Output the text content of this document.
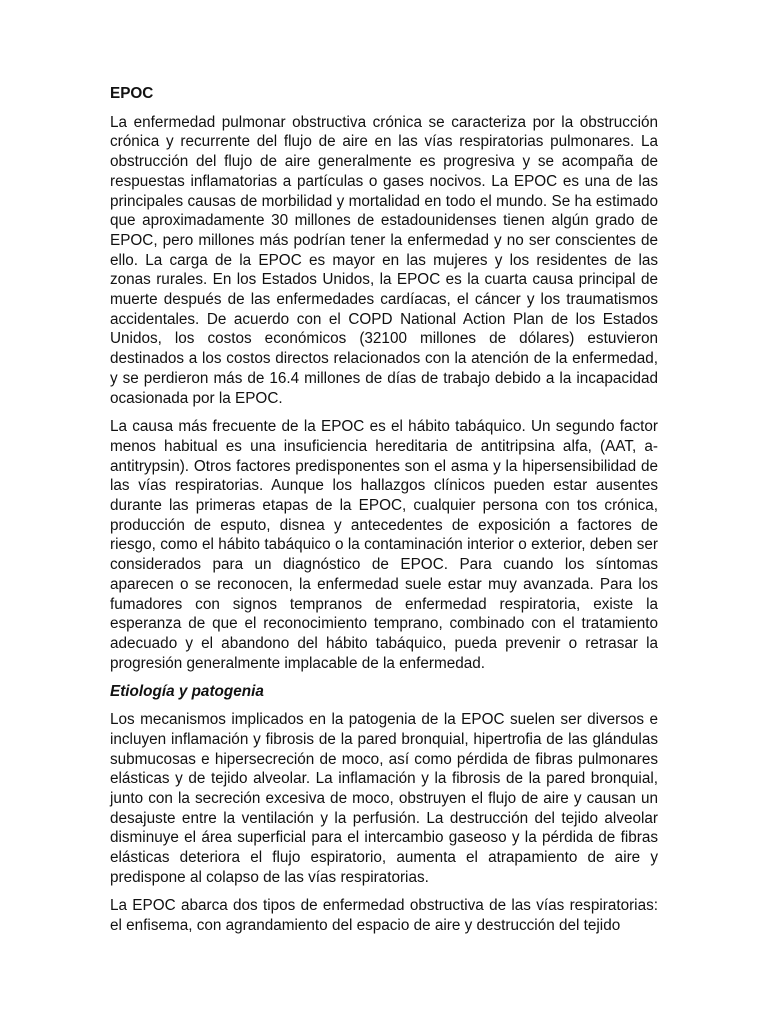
EPOC

La enfermedad pulmonar obstructiva crónica se caracteriza por la obstrucción crónica y recurrente del flujo de aire en las vías respiratorias pulmonares. La obstrucción del flujo de aire generalmente es progresiva y se acompaña de respuestas inflamatorias a partículas o gases nocivos. La EPOC es una de las principales causas de morbilidad y mortalidad en todo el mundo. Se ha estimado que aproximadamente 30 millones de estadounidenses tienen algún grado de EPOC, pero millones más podrían tener la enfermedad y no ser conscientes de ello. La carga de la EPOC es mayor en las mujeres y los residentes de las zonas rurales. En los Estados Unidos, la EPOC es la cuarta causa principal de muerte después de las enfermedades cardíacas, el cáncer y los traumatismos accidentales. De acuerdo con el COPD National Action Plan de los Estados Unidos, los costos económicos (32100 millones de dólares) estuvieron destinados a los costos directos relacionados con la atención de la enfermedad, y se perdieron más de 16.4 millones de días de trabajo debido a la incapacidad ocasionada por la EPOC.

La causa más frecuente de la EPOC es el hábito tabáquico. Un segundo factor menos habitual es una insuficiencia hereditaria de antitripsina alfa, (AAT, a-antitrypsin). Otros factores predisponentes son el asma y la hipersensibilidad de las vías respiratorias. Aunque los hallazgos clínicos pueden estar ausentes durante las primeras etapas de la EPOC, cualquier persona con tos crónica, producción de esputo, disnea y antecedentes de exposición a factores de riesgo, como el hábito tabáquico o la contaminación interior o exterior, deben ser considerados para un diagnóstico de EPOC. Para cuando los síntomas aparecen o se reconocen, la enfermedad suele estar muy avanzada. Para los fumadores con signos tempranos de enfermedad respiratoria, existe la esperanza de que el reconocimiento temprano, combinado con el tratamiento adecuado y el abandono del hábito tabáquico, pueda prevenir o retrasar la progresión generalmente implacable de la enfermedad.

Etiología y patogenia

Los mecanismos implicados en la patogenia de la EPOC suelen ser diversos e incluyen inflamación y fibrosis de la pared bronquial, hipertrofia de las glándulas submucosas e hipersecreción de moco, así como pérdida de fibras pulmonares elásticas y de tejido alveolar. La inflamación y la fibrosis de la pared bronquial, junto con la secreción excesiva de moco, obstruyen el flujo de aire y causan un desajuste entre la ventilación y la perfusión. La destrucción del tejido alveolar disminuye el área superficial para el intercambio gaseoso y la pérdida de fibras elásticas deteriora el flujo espiratorio, aumenta el atrapamiento de aire y predispone al colapso de las vías respiratorias.

La EPOC abarca dos tipos de enfermedad obstructiva de las vías respiratorias: el enfisema, con agrandamiento del espacio de aire y destrucción del tejido
